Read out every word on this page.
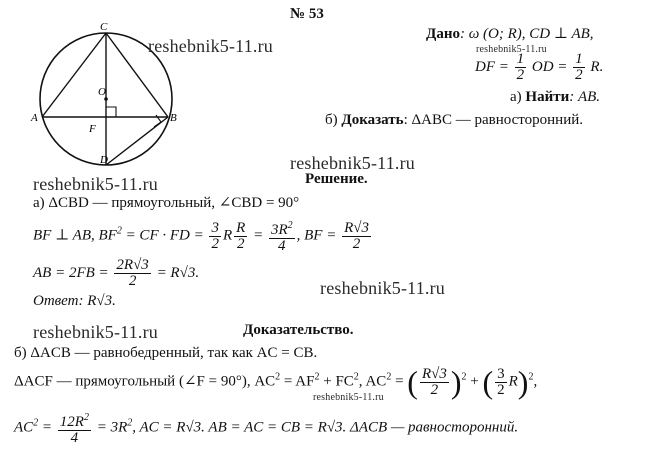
№ 53
C
O
A
F
B
D
reshebnik5-11.ru	reshebnik5-11.ru
reshebnik5-11.ru
reshebnik5-11.ru
reshebnik5-11.ru
reshebnik5-11.ru
reshebnik5-11.ru
Дано: ω (O; R), CD ⊥ AB,
DF = $\frac{1}{2}$ OD = $\frac{1}{2} R$.
а) Найти: AB.
б) Доказать: ΔABC — равносторонний.
Решение.
а) ΔCBD — прямоугольный, ∠CBD = 90°
BF ⊥ AB, $BF^2$ = CF · FD = $\frac{3}{2}$ R $\frac{R}{2} = \frac{3R^2}{4}$ , BF = $\frac{R√3}{2}$
AB = $2FB = \frac{2R√3}{2} = R√3$.
Ответ: R√3.
Доказательство.
б) ΔACB — равнобедренный, так как AC = CB.
ΔACF — прямоугольный (∠F = 90°), $AC^2 = AF^2 + FC^2$, $AC^2$ = ( $\frac{R√3}{2} )^2$ + ( $\frac{3}{2} R)^2$,
$AC^2 = \frac{12R^2}{4} = 3R^2$, AC = R√3. AB = AC = CB = R√3. ΔACB — равносторонний.
